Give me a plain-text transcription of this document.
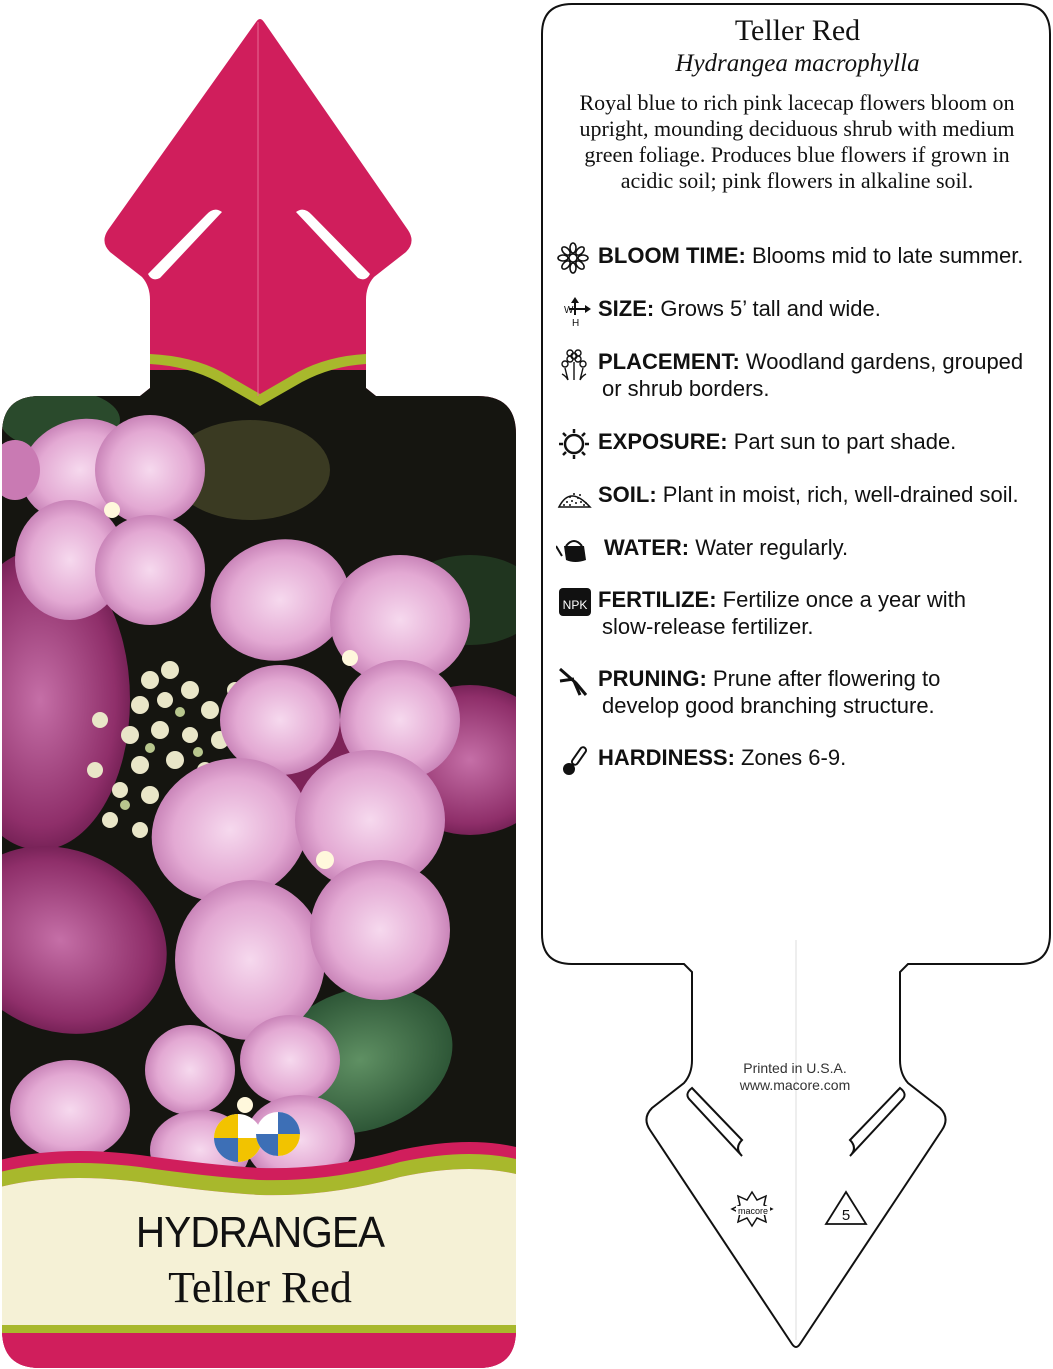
macore	5
HYDRANGEA
Teller Red
Teller Red
Hydrangea macrophylla
Royal blue to rich pink lacecap flowers bloom on upright, mounding deciduous shrub with medium green foliage. Produces blue flowers if grown in acidic soil; pink flowers in alkaline soil.
BLOOM TIME: Blooms mid to late summer.
W
H
SIZE: Grows 5’ tall and wide.
PLACEMENT: Woodland gardens, grouped
or shrub borders.
EXPOSURE: Part sun to part shade.
SOIL: Plant in moist, rich, well-drained soil.
WATER: Water regularly.
NPK FERTILIZE: Fertilize once a year with
slow-release fertilizer.
PRUNING: Prune after flowering to
develop good branching structure.
HARDINESS: Zones 6-9.
Printed in U.S.A.
www.macore.com
